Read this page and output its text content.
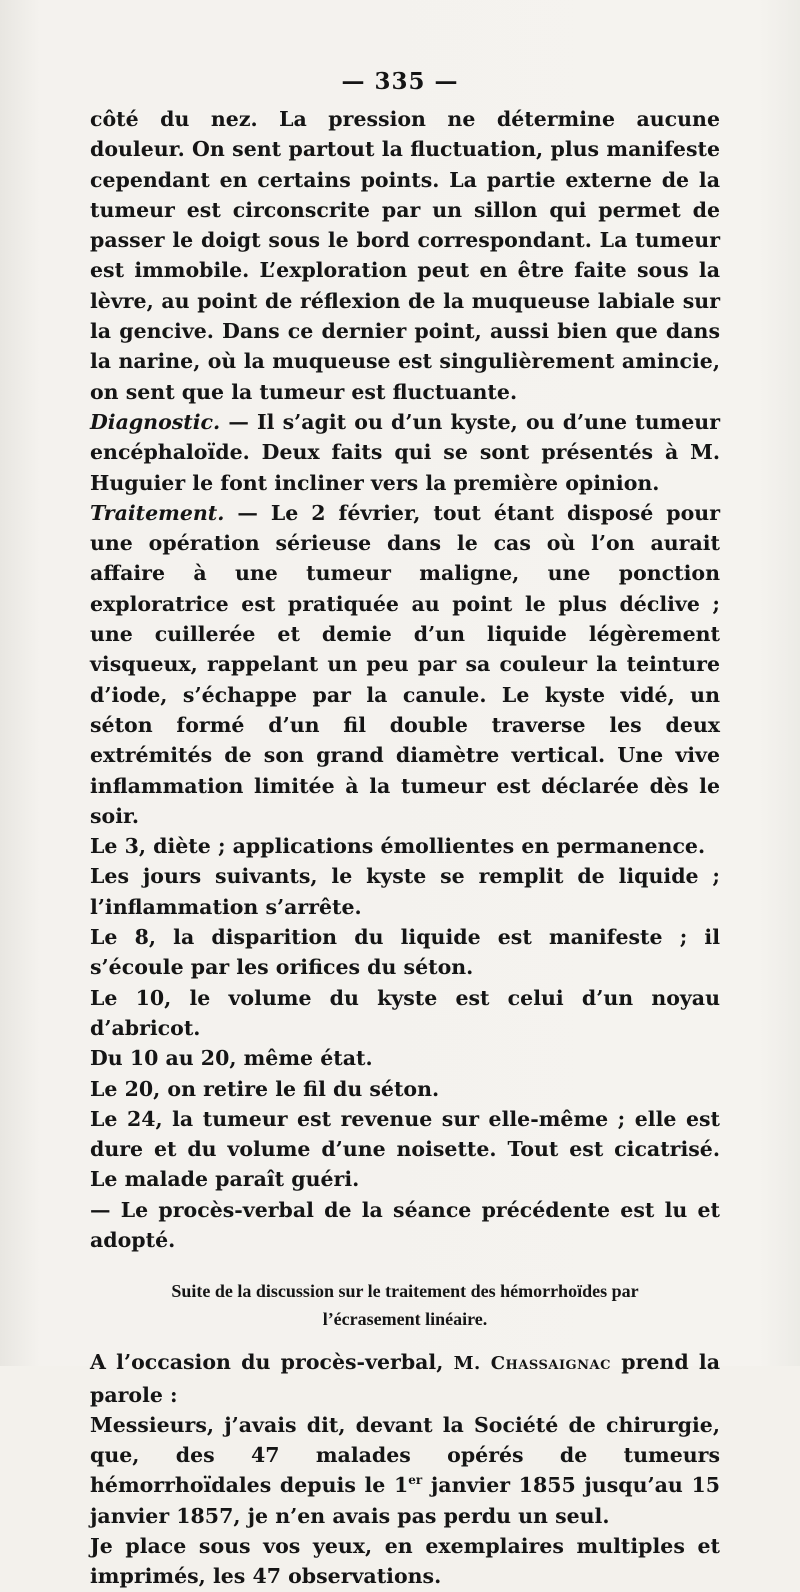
— 335 —

côté du nez. La pression ne détermine aucune douleur. On sent partout la fluctuation, plus manifeste cependant en certains points. La partie externe de la tumeur est circonscrite par un sillon qui permet de passer le doigt sous le bord correspondant. La tumeur est immobile. L’exploration peut en être faite sous la lèvre, au point de réflexion de la muqueuse labiale sur la gencive. Dans ce dernier point, aussi bien que dans la narine, où la muqueuse est singulièrement amincie, on sent que la tumeur est fluctuante.

Diagnostic. — Il s’agit ou d’un kyste, ou d’une tumeur encéphaloïde. Deux faits qui se sont présentés à M. Huguier le font incliner vers la première opinion.

Traitement. — Le 2 février, tout étant disposé pour une opération sérieuse dans le cas où l’on aurait affaire à une tumeur maligne, une ponction exploratrice est pratiquée au point le plus déclive ; une cuillerée et demie d’un liquide légèrement visqueux, rappelant un peu par sa couleur la teinture d’iode, s’échappe par la canule. Le kyste vidé, un séton formé d’un fil double traverse les deux extrémités de son grand diamètre vertical. Une vive inflammation limitée à la tumeur est déclarée dès le soir.

Le 3, diète ; applications émollientes en permanence.

Les jours suivants, le kyste se remplit de liquide ; l’inflammation s’arrête.

Le 8, la disparition du liquide est manifeste ; il s’écoule par les orifices du séton.

Le 10, le volume du kyste est celui d’un noyau d’abricot.

Du 10 au 20, même état.

Le 20, on retire le fil du séton.

Le 24, la tumeur est revenue sur elle-même ; elle est dure et du volume d’une noisette. Tout est cicatrisé. Le malade paraît guéri.

— Le procès-verbal de la séance précédente est lu et adopté.

Suite de la discussion sur le traitement des hémorrhoïdes par
l’écrasement linéaire.

A l’occasion du procès-verbal, M. Chassaignac prend la parole :

Messieurs, j’avais dit, devant la Société de chirurgie, que, des 47 malades opérés de tumeurs hémorrhoïdales depuis le 1er janvier 1855 jusqu’au 15 janvier 1857, je n’en avais pas perdu un seul.

Je place sous vos yeux, en exemplaires multiples et imprimés, les 47 observations.
